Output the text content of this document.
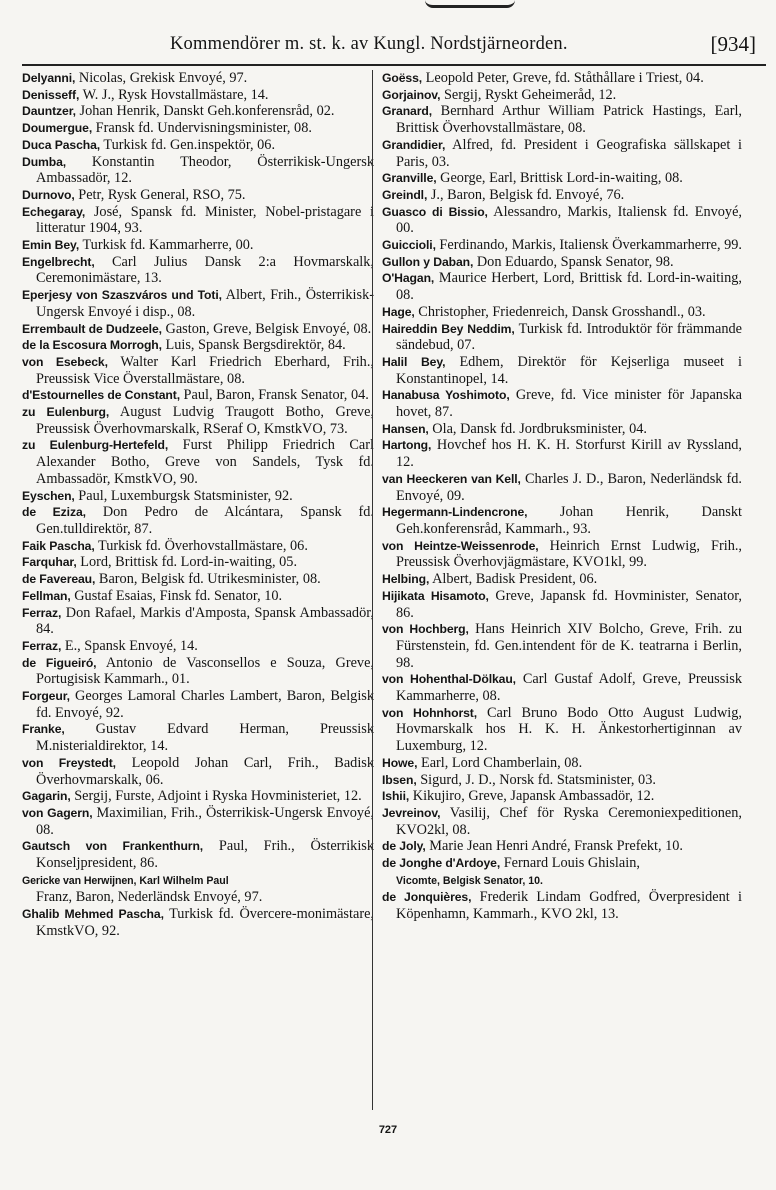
Kommendörer m. st. k. av Kungl. Nordstjärneorden.	[934]

Delyanni, Nicolas, Grekisk Envoyé, 97.

Denisseff, W. J., Rysk Hovstallmästare, 14.

Dauntzer, Johan Henrik, Danskt Geh.konferensråd, 02.

Doumergue, Fransk fd. Undervisningsminister, 08.

Duca Pascha, Turkisk fd. Gen.inspektör, 06.

Dumba, Konstantin Theodor, Österrikisk-Ungersk Ambassadör, 12.

Durnovo, Petr, Rysk General, RSO, 75.

Echegaray, José, Spansk fd. Minister, Nobel-pristagare i litteratur 1904, 93.

Emin Bey, Turkisk fd. Kammarherre, 00.

Engelbrecht, Carl Julius Dansk 2:a Hovmarskalk, Ceremonimästare, 13.

Eperjesy von Szaszváros und Toti, Albert, Frih., Österrikisk-Ungersk Envoyé i disp., 08.

Errembault de Dudzeele, Gaston, Greve, Belgisk Envoyé, 08.

de la Escosura Morrogh, Luis, Spansk Bergsdirektör, 84.

von Esebeck, Walter Karl Friedrich Eberhard, Frih., Preussisk Vice Överstallmästare, 08.

d'Estournelles de Constant, Paul, Baron, Fransk Senator, 04.

zu Eulenburg, August Ludvig Traugott Botho, Greve, Preussisk Överhovmarskalk, RSeraf O, KmstkVO, 73.

zu Eulenburg-Hertefeld, Furst Philipp Friedrich Carl Alexander Botho, Greve von Sandels, Tysk fd. Ambassadör, KmstkVO, 90.

Eyschen, Paul, Luxemburgsk Statsminister, 92.

de Eziza, Don Pedro de Alcántara, Spansk fd. Gen.tulldirektör, 87.

Faik Pascha, Turkisk fd. Överhovstallmästare, 06.

Farquhar, Lord, Brittisk fd. Lord-in-waiting, 05.

de Favereau, Baron, Belgisk fd. Utrikesminister, 08.

Fellman, Gustaf Esaias, Finsk fd. Senator, 10.

Ferraz, Don Rafael, Markis d'Amposta, Spansk Ambassadör, 84.

Ferraz, E., Spansk Envoyé, 14.

de Figueiró, Antonio de Vasconsellos e Souza, Greve, Portugisisk Kammarh., 01.

Forgeur, Georges Lamoral Charles Lambert, Baron, Belgisk fd. Envoyé, 92.

Franke, Gustav Edvard Herman, Preussisk M.nisterialdirektor, 14.

von Freystedt, Leopold Johan Carl, Frih., Badisk Överhovmarskalk, 06.

Gagarin, Sergij, Furste, Adjoint i Ryska Hovministeriet, 12.

von Gagern, Maximilian, Frih., Österrikisk-Ungersk Envoyé, 08.

Gautsch von Frankenthurn, Paul, Frih., Österrikisk Konseljpresident, 86.

Gericke van Herwijnen, Karl Wilhelm Paul
Franz, Baron, Nederländsk Envoyé, 97.

Ghalib Mehmed Pascha, Turkisk fd. Övercere-monimästare, KmstkVO, 92.

Goëss, Leopold Peter, Greve, fd. Ståthållare i Triest, 04.

Gorjainov, Sergij, Ryskt Geheimeråd, 12.

Granard, Bernhard Arthur William Patrick Hastings, Earl, Brittisk Överhovstallmästare, 08.

Grandidier, Alfred, fd. President i Geografiska sällskapet i Paris, 03.

Granville, George, Earl, Brittisk Lord-in-waiting, 08.

Greindl, J., Baron, Belgisk fd. Envoyé, 76.

Guasco di Bissio, Alessandro, Markis, Italiensk fd. Envoyé, 00.

Guiccioli, Ferdinando, Markis, Italiensk Överkammarherre, 99.

Gullon y Daban, Don Eduardo, Spansk Senator, 98.

O'Hagan, Maurice Herbert, Lord, Brittisk fd. Lord-in-waiting, 08.

Hage, Christopher, Friedenreich, Dansk Grosshandl., 03.

Haireddin Bey Neddim, Turkisk fd. Introduktör för främmande sändebud, 07.

Halil Bey, Edhem, Direktör för Kejserliga museet i Konstantinopel, 14.

Hanabusa Yoshimoto, Greve, fd. Vice minister för Japanska hovet, 87.

Hansen, Ola, Dansk fd. Jordbruksminister, 04.

Hartong, Hovchef hos H. K. H. Storfurst Kirill av Ryssland, 12.

van Heeckeren van Kell, Charles J. D., Baron, Nederländsk fd. Envoyé, 09.

Hegermann-Lindencrone, Johan Henrik, Danskt Geh.konferensråd, Kammarh., 93.

von Heintze-Weissenrode, Heinrich Ernst Ludwig, Frih., Preussisk Överhovjägmästare, KVO1kl, 99.

Helbing, Albert, Badisk President, 06.

Hijikata Hisamoto, Greve, Japansk fd. Hovminister, Senator, 86.

von Hochberg, Hans Heinrich XIV Bolcho, Greve, Frih. zu Fürstenstein, fd. Gen.intendent för de K. teatrarna i Berlin, 98.

von Hohenthal-Dölkau, Carl Gustaf Adolf, Greve, Preussisk Kammarherre, 08.

von Hohnhorst, Carl Bruno Bodo Otto August Ludwig, Hovmarskalk hos H. K. H. Änkestorhertiginnan av Luxemburg, 12.

Howe, Earl, Lord Chamberlain, 08.

Ibsen, Sigurd, J. D., Norsk fd. Statsminister, 03.

Ishii, Kikujiro, Greve, Japansk Ambassadör, 12.

Jevreinov, Vasilij, Chef för Ryska Ceremoniexpeditionen, KVO2kl, 08.

de Joly, Marie Jean Henri André, Fransk Prefekt, 10.

de Jonghe d'Ardoye, Fernard Louis Ghislain,
Vicomte, Belgisk Senator, 10.

de Jonquières, Frederik Lindam Godfred, Överpresident i Köpenhamn, Kammarh., KVO 2kl, 13.

727
